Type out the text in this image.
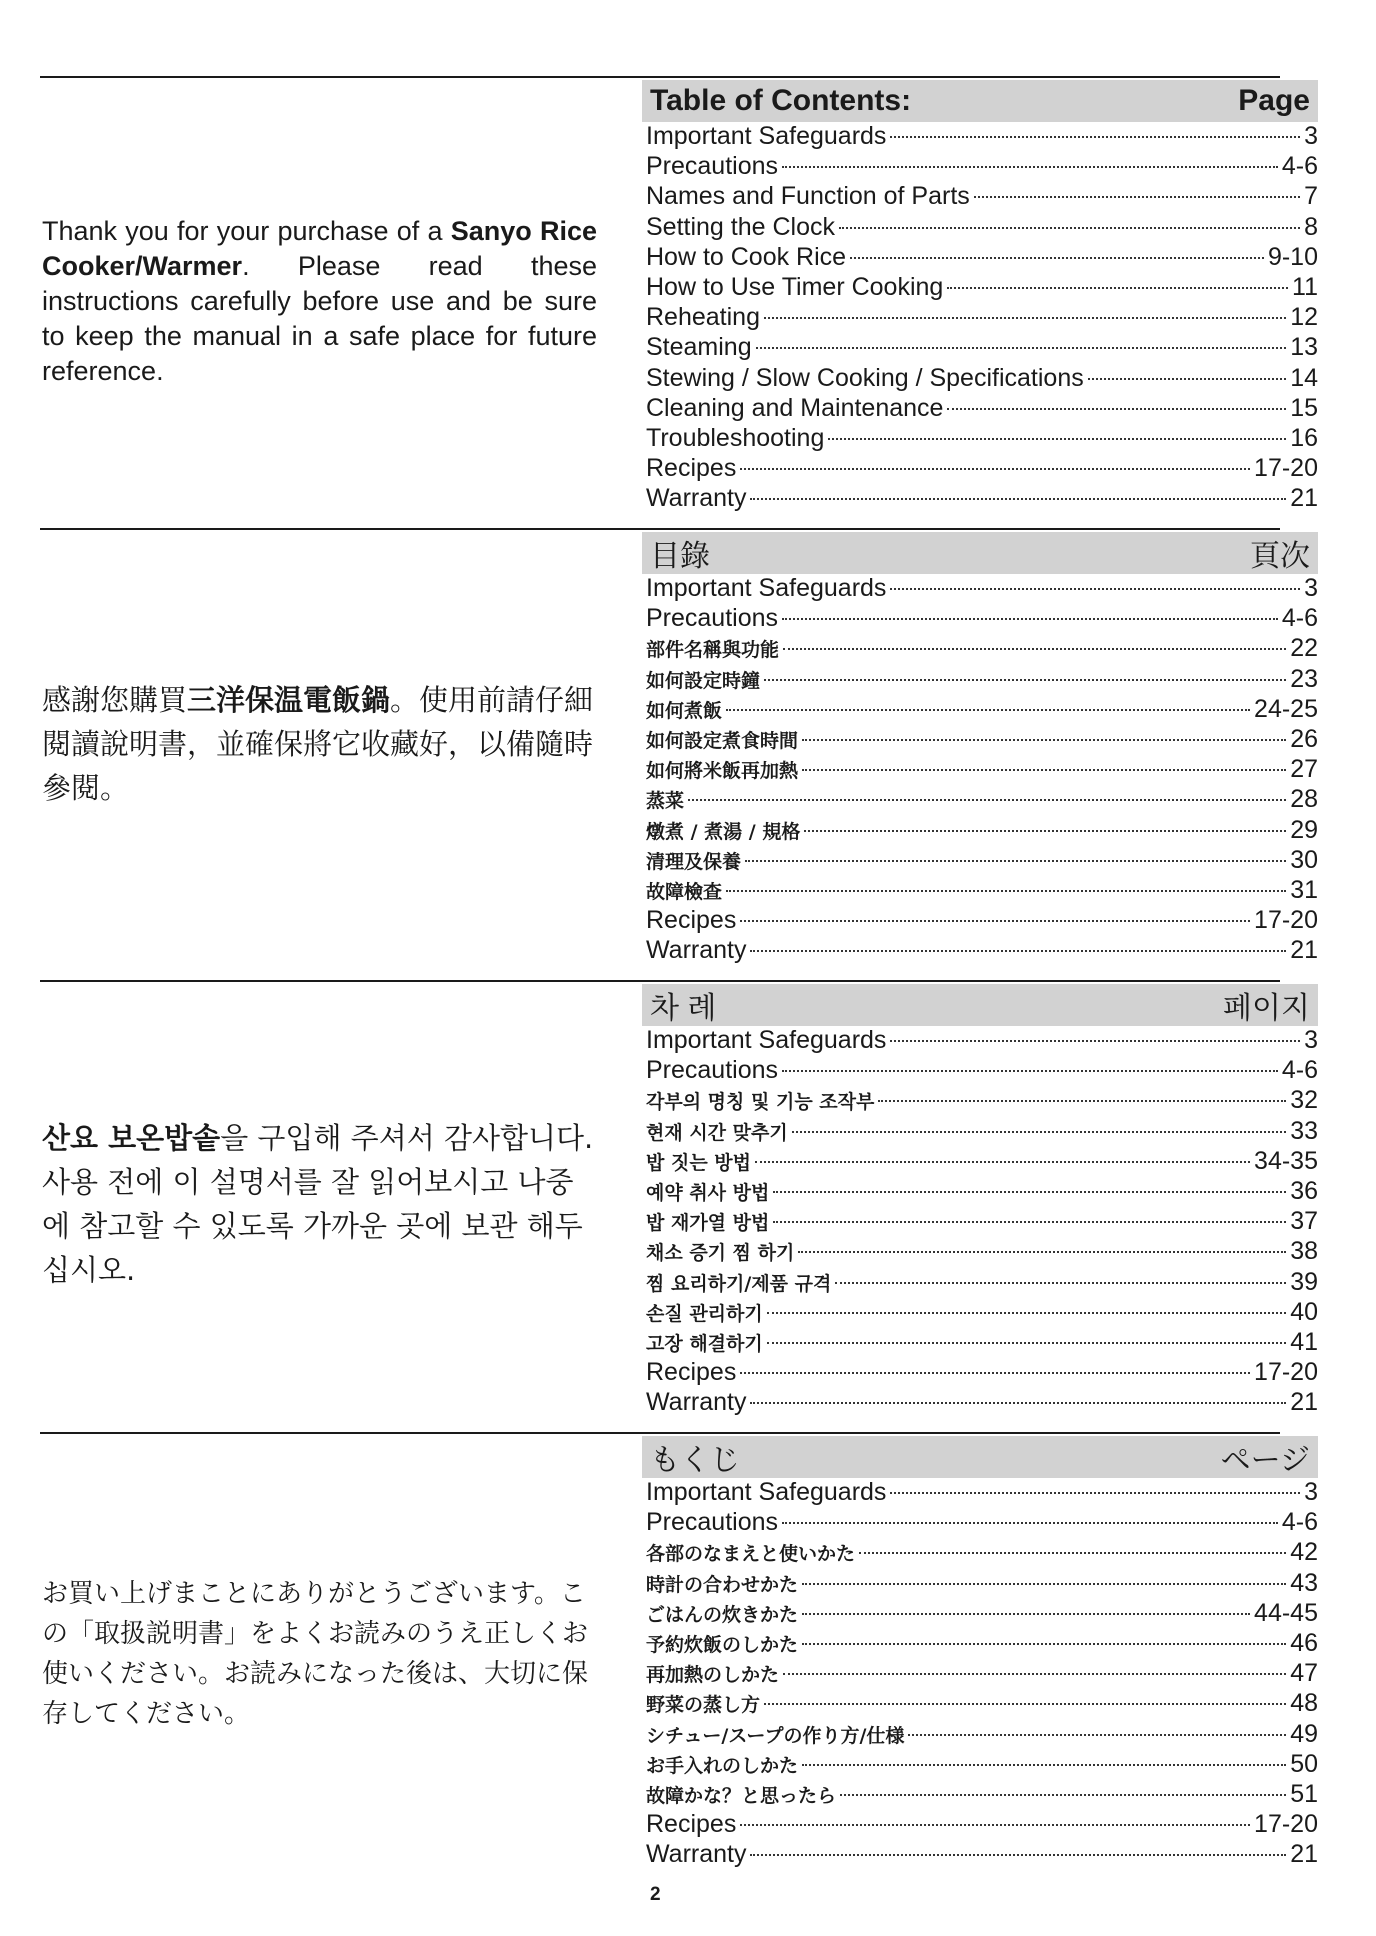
Thank you for your purchase of a Sanyo Rice Cooker/Warmer. Please read these instructions carefully before use and be sure to keep the manual in a safe place for future reference.
Table of Contents:	Page
Important Safeguards	3
Precautions	4-6
Names and Function of Parts	7
Setting the Clock	8
How to Cook Rice	9-10
How to Use Timer Cooking	11
Reheating	12
Steaming	13
Stewing / Slow Cooking / Specifications	14
Cleaning and Maintenance	15
Troubleshooting	16
Recipes	17-20
Warranty	21
感謝您購買三洋保温電飯鍋。使用前請仔細閱讀說明書，並確保將它收藏好，以備隨時參閱。
目錄	頁次
Important Safeguards	3
Precautions	4-6
部件名稱與功能	22
如何設定時鐘	23
如何煮飯	24-25
如何設定煮食時間	26
如何將米飯再加熱	27
蒸菜	28
燉煮 / 煮湯 / 規格	29
清理及保養	30
故障檢查	31
Recipes	17-20
Warranty	21
산요 보온밥솥을 구입해 주셔서 감사합니다. 사용 전에 이 설명서를 잘 읽어보시고 나중에 참고할 수 있도록 가까운 곳에 보관 해두십시오.
차 례	페이지
Important Safeguards	3
Precautions	4-6
각부의 명칭 및 기능 조작부	32
현재 시간 맞추기	33
밥 짓는 방법	34-35
예약 취사 방법	36
밥 재가열 방법	37
채소 증기 찜 하기	38
찜 요리하기/제품 규격	39
손질 관리하기	40
고장 해결하기	41
Recipes	17-20
Warranty	21
お買い上げまことにありがとうございます。この「取扱説明書」をよくお読みのうえ正しくお使いください。お読みになった後は、大切に保存してください。
もくじ	ページ
Important Safeguards	3
Precautions	4-6
各部のなまえと使いかた	42
時計の合わせかた	43
ごはんの炊きかた	44-45
予約炊飯のしかた	46
再加熱のしかた	47
野菜の蒸し方	48
シチュー/スープの作り方/仕様	49
お手入れのしかた	50
故障かな？と思ったら	51
Recipes	17-20
Warranty	21
2
